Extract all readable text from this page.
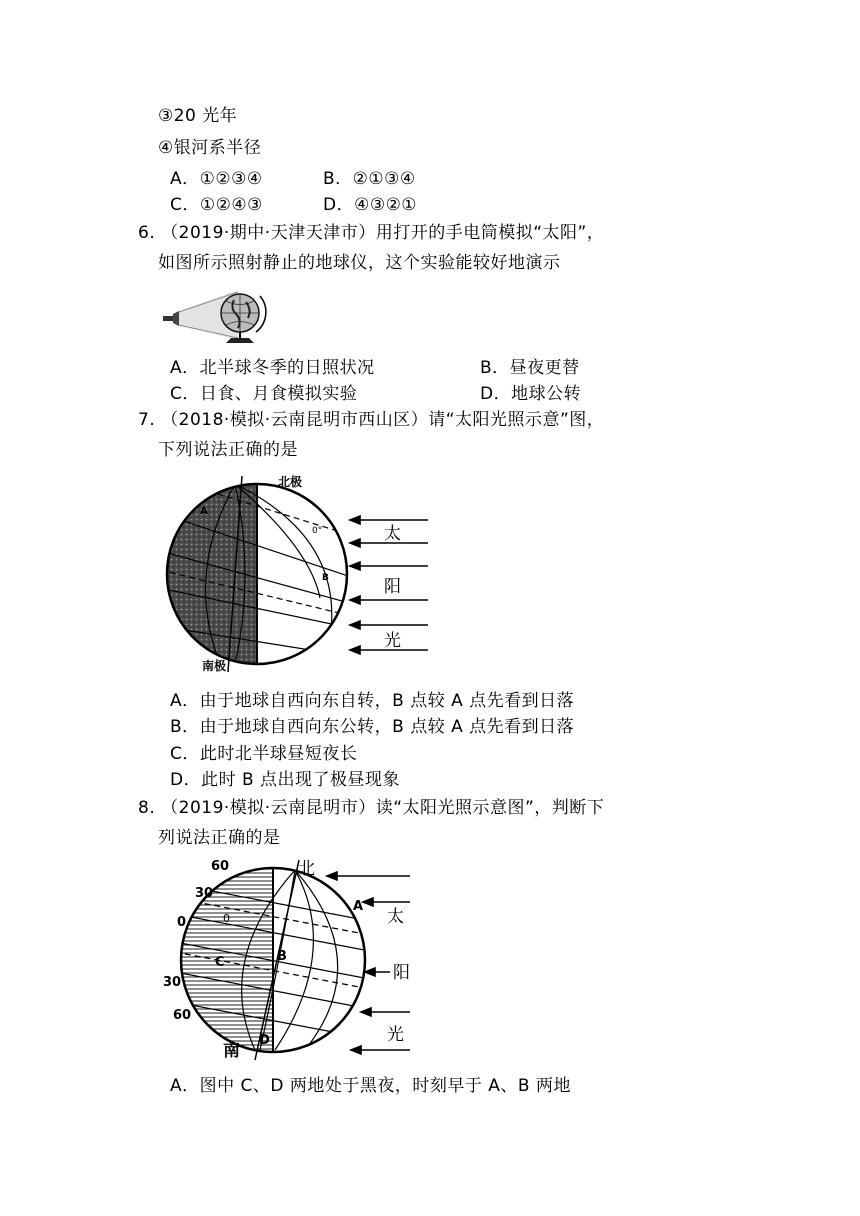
③20 光年
④银河系半径
A．①②③④	B．②①③④
C．①②④③	D．④③②①
6. （2019·期中·天津天津市）用打开的手电筒模拟“太阳”，
如图所示照射静止的地球仪，这个实验能较好地演示
A．北半球冬季的日照状况	B．昼夜更替
C．日食、月食模拟实验	D．地球公转
7. （2018·模拟·云南昆明市西山区）请“太阳光照示意”图，
下列说法正确的是
北极
南极
0°
A
B
太
阳
光
A．由于地球自西向东自转，B 点较 A 点先看到日落
B．由于地球自西向东公转，B 点较 A 点先看到日落
C．此时北半球昼短夜长
D．此时 B 点出现了极昼现象
8. （2019·模拟·云南昆明市）读“太阳光照示意图”，判断下
列说法正确的是
60
30
0
30
60
北
南
0
A
B
C
D
太
阳
光
A．图中 C、D 两地处于黑夜，时刻早于 A、B 两地
